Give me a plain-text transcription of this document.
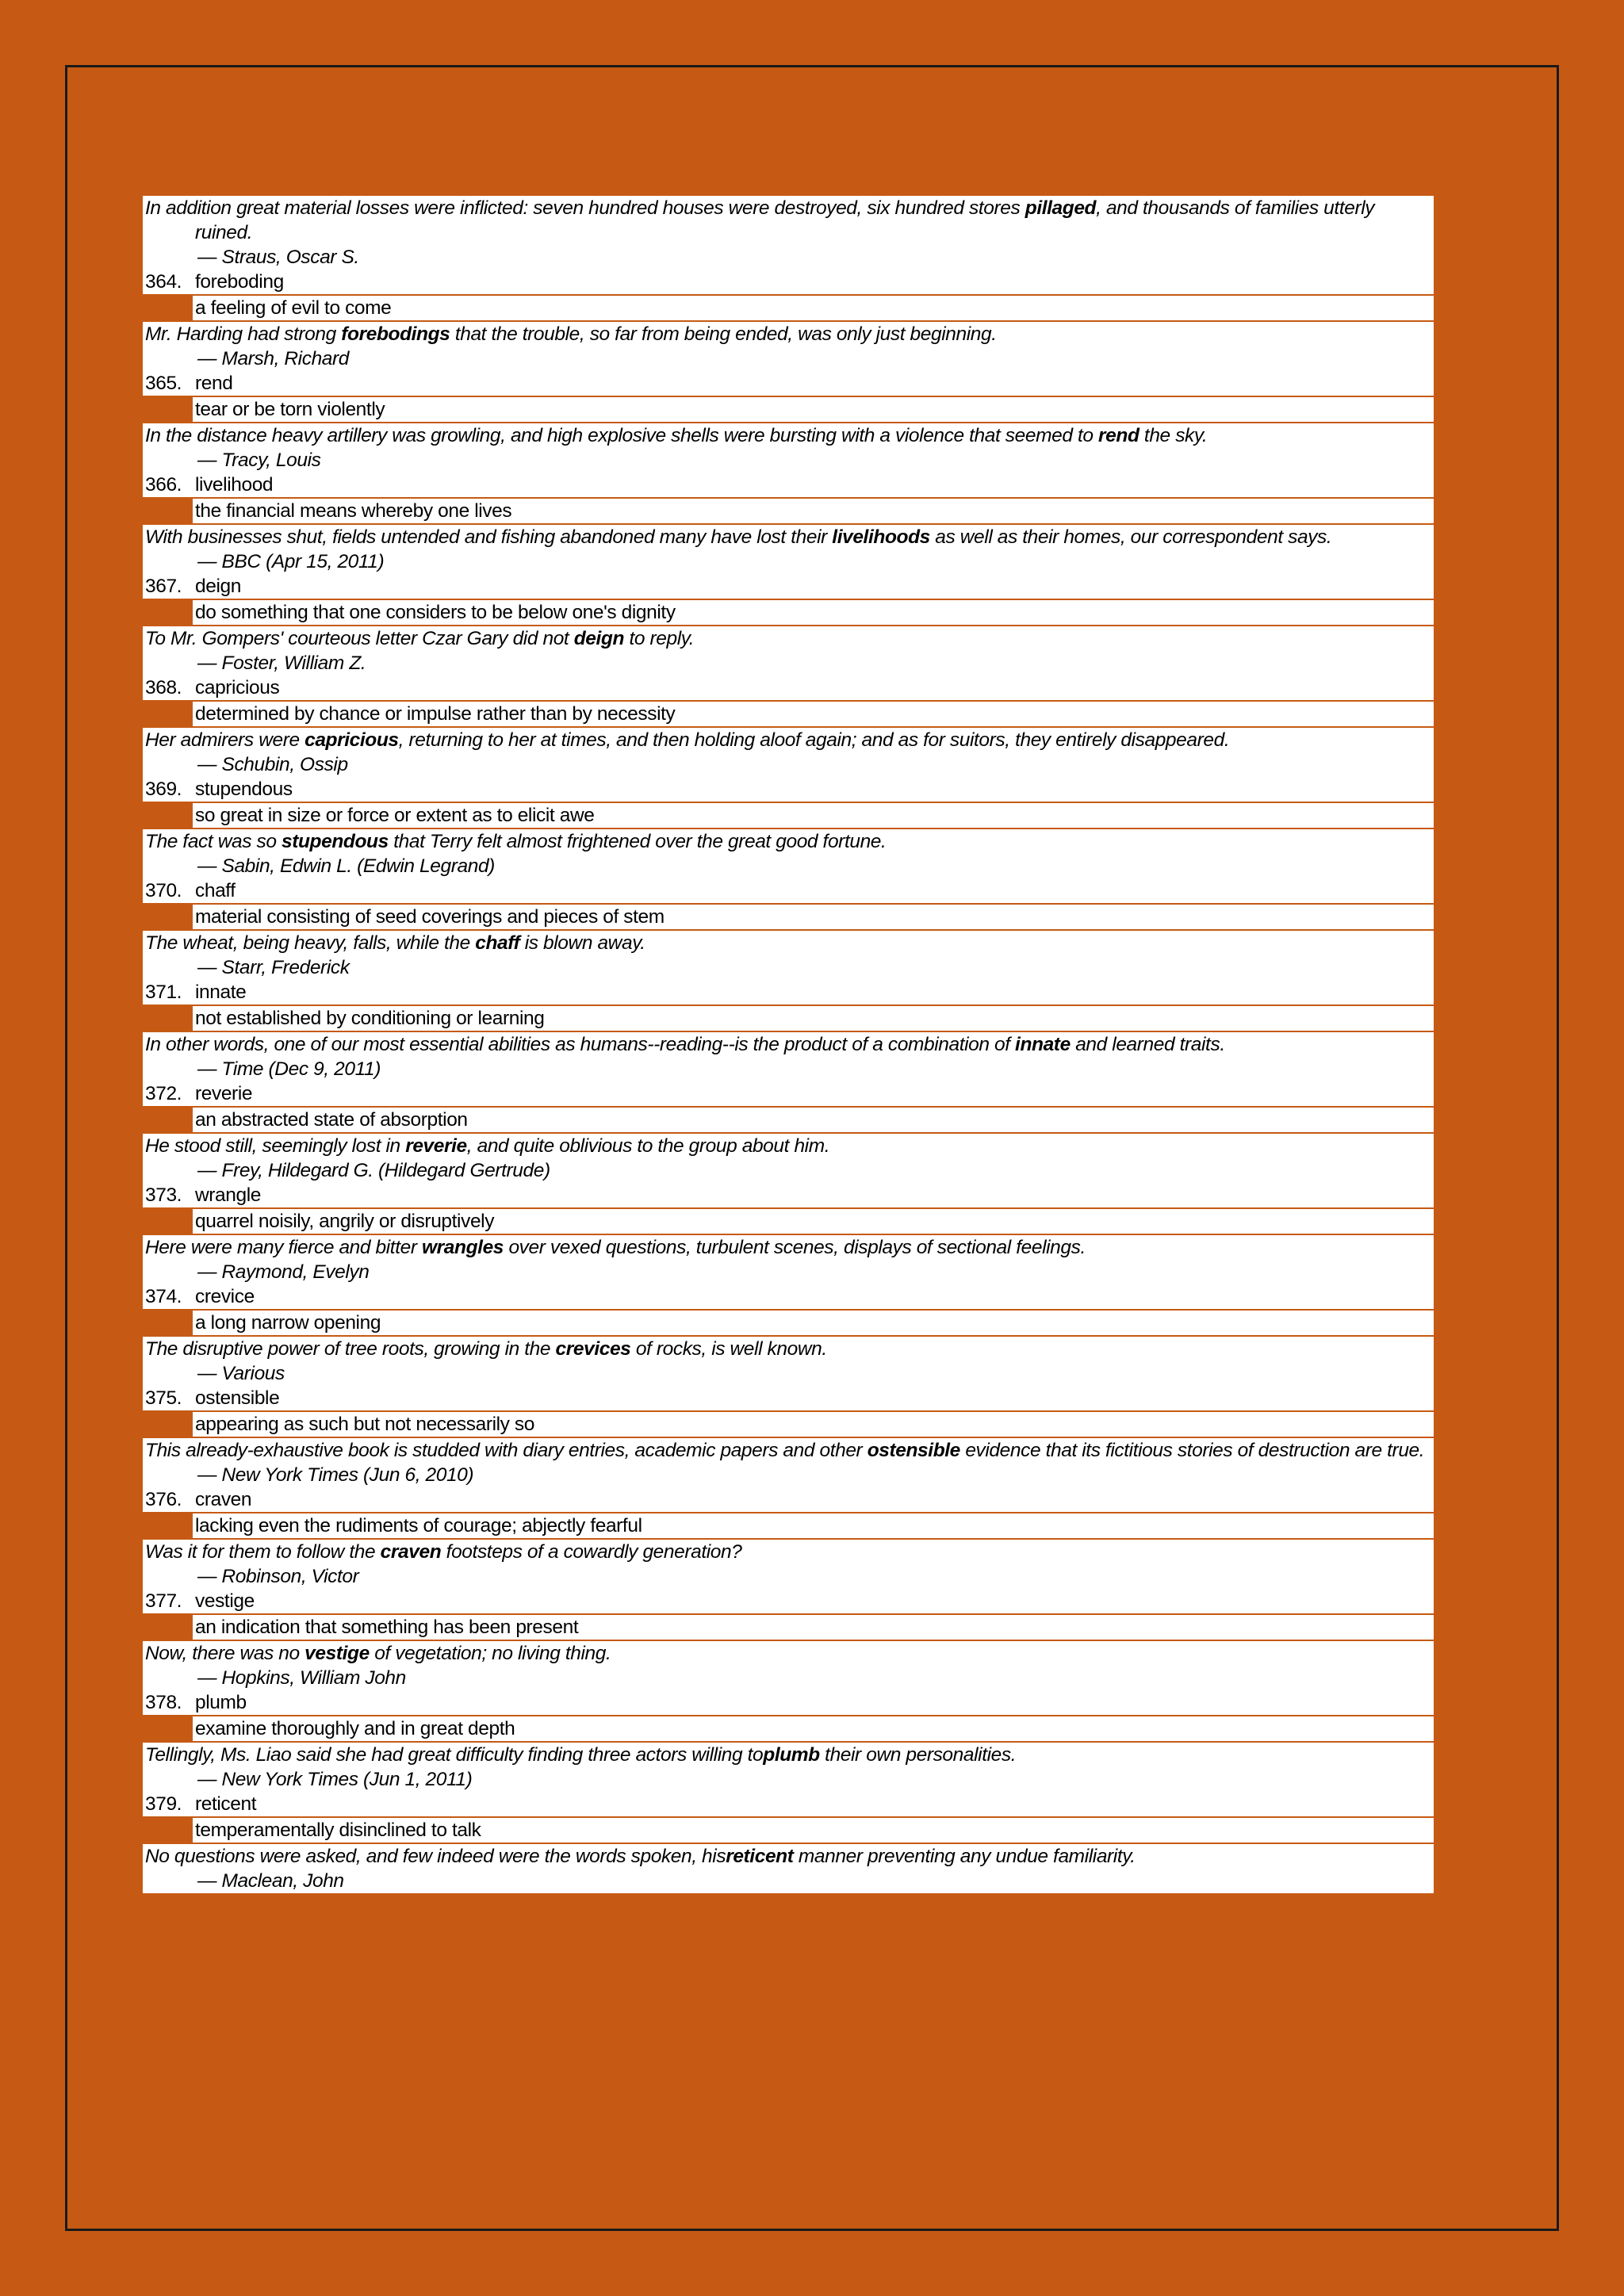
In addition great material losses were inflicted: seven hundred houses were destroyed, six hundred stores pillaged, and thousands of families utterly ruined.
— Straus, Oscar S.
364. foreboding
a feeling of evil to come
Mr. Harding had strong forebodings that the trouble, so far from being ended, was only just beginning.
— Marsh, Richard
365. rend
tear or be torn violently
In the distance heavy artillery was growling, and high explosive shells were bursting with a violence that seemed to rend the sky.
— Tracy, Louis
366. livelihood
the financial means whereby one lives
With businesses shut, fields untended and fishing abandoned many have lost their livelihoods as well as their homes, our correspondent says.
— BBC (Apr 15, 2011)
367. deign
do something that one considers to be below one's dignity
To Mr. Gompers' courteous letter Czar Gary did not deign to reply.
— Foster, William Z.
368. capricious
determined by chance or impulse rather than by necessity
Her admirers were capricious, returning to her at times, and then holding aloof again; and as for suitors, they entirely disappeared.
— Schubin, Ossip
369. stupendous
so great in size or force or extent as to elicit awe
The fact was so stupendous that Terry felt almost frightened over the great good fortune.
— Sabin, Edwin L. (Edwin Legrand)
370. chaff
material consisting of seed coverings and pieces of stem
The wheat, being heavy, falls, while the chaff is blown away.
— Starr, Frederick
371. innate
not established by conditioning or learning
In other words, one of our most essential abilities as humans--reading--is the product of a combination of innate and learned traits.
— Time (Dec 9, 2011)
372. reverie
an abstracted state of absorption
He stood still, seemingly lost in reverie, and quite oblivious to the group about him.
— Frey, Hildegard G. (Hildegard Gertrude)
373. wrangle
quarrel noisily, angrily or disruptively
Here were many fierce and bitter wrangles over vexed questions, turbulent scenes, displays of sectional feelings.
— Raymond, Evelyn
374. crevice
a long narrow opening
The disruptive power of tree roots, growing in the crevices of rocks, is well known.
— Various
375. ostensible
appearing as such but not necessarily so
This already-exhaustive book is studded with diary entries, academic papers and other ostensible evidence that its fictitious stories of destruction are true.
— New York Times (Jun 6, 2010)
376. craven
lacking even the rudiments of courage; abjectly fearful
Was it for them to follow the craven footsteps of a cowardly generation?
— Robinson, Victor
377. vestige
an indication that something has been present
Now, there was no vestige of vegetation; no living thing.
— Hopkins, William John
378. plumb
examine thoroughly and in great depth
Tellingly, Ms. Liao said she had great difficulty finding three actors willing toplumb their own personalities.
— New York Times (Jun 1, 2011)
379. reticent
temperamentally disinclined to talk
No questions were asked, and few indeed were the words spoken, hisreticent manner preventing any undue familiarity.
— Maclean, John
